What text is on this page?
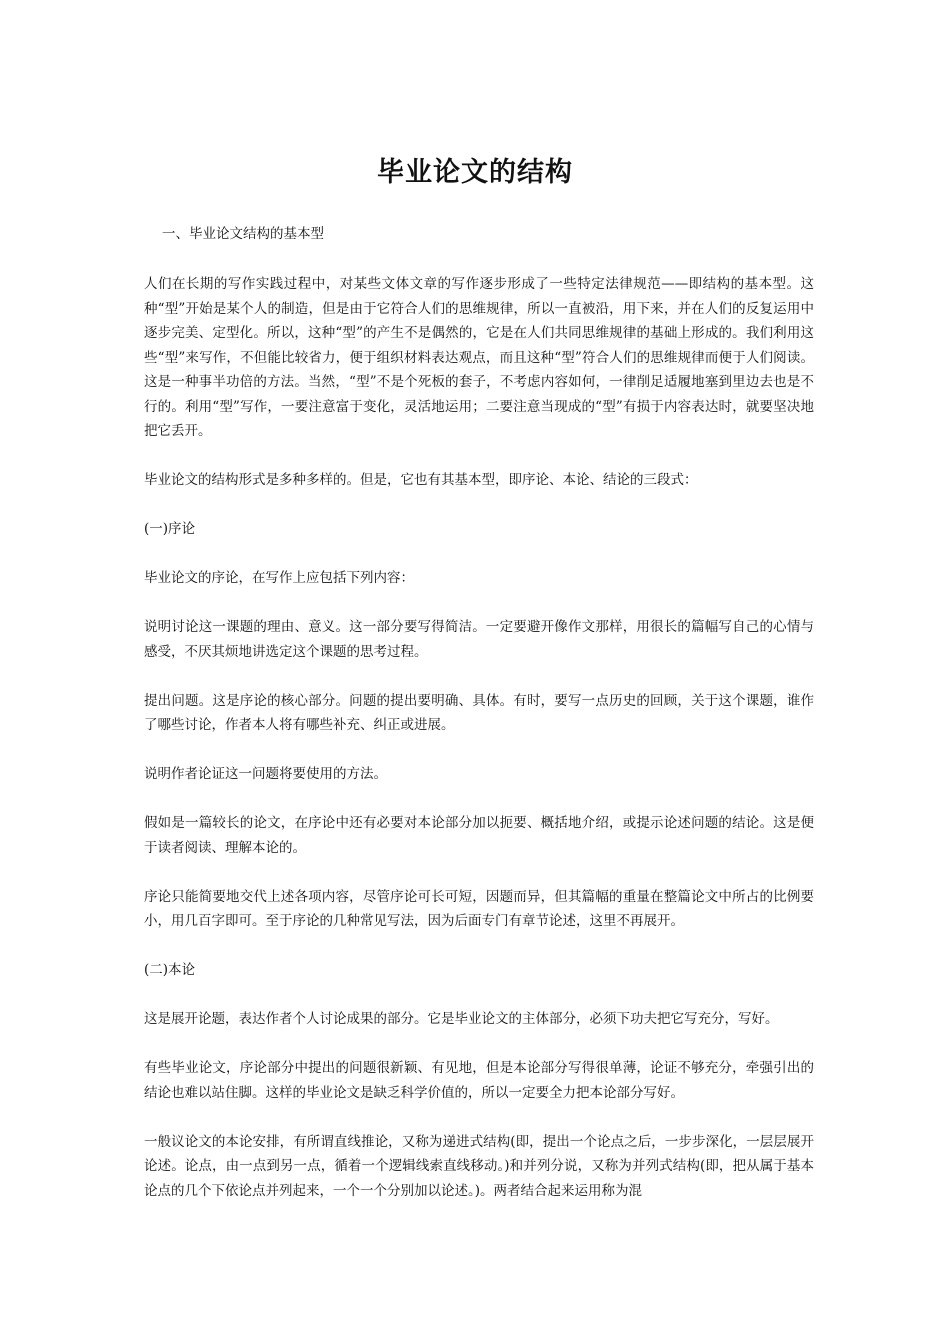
毕业论文的结构

一、毕业论文结构的基本型

人们在长期的写作实践过程中，对某些文体文章的写作逐步形成了一些特定法律规范——即结构的基本型。这种“型”开始是某个人的制造，但是由于它符合人们的思维规律，所以一直被沿，用下来，并在人们的反复运用中逐步完美、定型化。所以，这种“型”的产生不是偶然的，它是在人们共同思维规律的基础上形成的。我们利用这些“型”来写作，不但能比较省力，便于组织材料表达观点，而且这种“型”符合人们的思维规律而便于人们阅读。这是一种事半功倍的方法。当然，“型”不是个死板的套子，不考虑内容如何，一律削足适履地塞到里边去也是不行的。利用“型”写作，一要注意富于变化，灵活地运用；二要注意当现成的“型”有损于内容表达时，就要坚决地把它丢开。

毕业论文的结构形式是多种多样的。但是，它也有其基本型，即序论、本论、结论的三段式：

(一)序论

毕业论文的序论，在写作上应包括下列内容：

说明讨论这一课题的理由、意义。这一部分要写得简洁。一定要避开像作文那样，用很长的篇幅写自己的心情与感受，不厌其烦地讲选定这个课题的思考过程。

提出问题。这是序论的核心部分。问题的提出要明确、具体。有时，要写一点历史的回顾，关于这个课题，谁作了哪些讨论，作者本人将有哪些补充、纠正或进展。

说明作者论证这一问题将要使用的方法。

假如是一篇较长的论文，在序论中还有必要对本论部分加以扼要、概括地介绍，或提示论述问题的结论。这是便于读者阅读、理解本论的。

序论只能简要地交代上述各项内容，尽管序论可长可短，因题而异，但其篇幅的重量在整篇论文中所占的比例要小，用几百字即可。至于序论的几种常见写法，因为后面专门有章节论述，这里不再展开。

(二)本论

这是展开论题，表达作者个人讨论成果的部分。它是毕业论文的主体部分，必须下功夫把它写充分，写好。

有些毕业论文，序论部分中提出的问题很新颖、有见地，但是本论部分写得很单薄，论证不够充分，牵强引出的结论也难以站住脚。这样的毕业论文是缺乏科学价值的，所以一定要全力把本论部分写好。

一般议论文的本论安排，有所谓直线推论，又称为递进式结构(即，提出一个论点之后，一步步深化，一层层展开论述。论点，由一点到另一点，循着一个逻辑线索直线移动。)和并列分说，又称为并列式结构(即，把从属于基本论点的几个下依论点并列起来，一个一个分别加以论述。)。两者结合起来运用称为混
